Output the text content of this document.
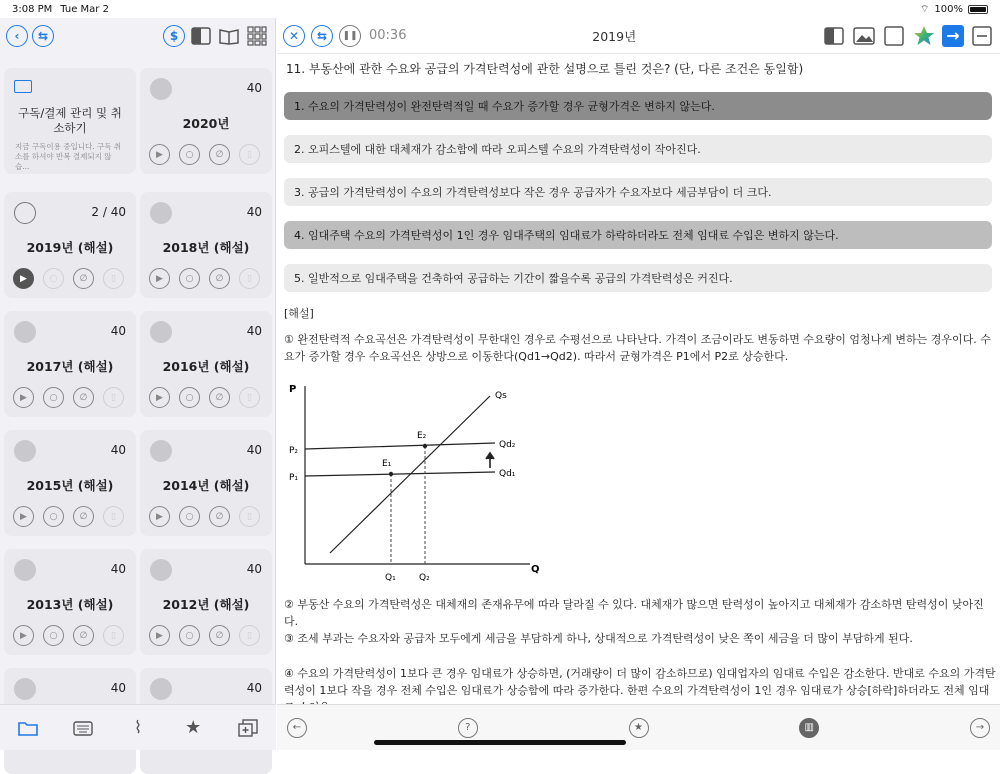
3:08 PM Tue Mar 2	⌔ 100%
‹	⇆	$
구독/결제 관리 및 취소하기
지금 구독이용 중입니다. 구독 취소를 하셔야 반복 결제되지 않습...
40
2020년
▶	○	∅	▯
2 / 40
2019년 (해설)
▶	○	∅	▯
40
2018년 (해설)
▶	○	∅	▯
40
2017년 (해설)
▶	○	∅	▯
40
2016년 (해설)
▶	○	∅	▯
40
2015년 (해설)
▶	○	∅	▯
40
2014년 (해설)
▶	○	∅	▯
40
2013년 (해설)
▶	○	∅	▯
40
2012년 (해설)
▶	○	∅	▯
40	40
⌇	★
✕	⇆	❚❚ 00:36	2019년	→
11. 부동산에 관한 수요와 공급의 가격탄력성에 관한 설명으로 틀린 것은? (단, 다른 조건은 동일함)
1. 수요의 가격탄력성이 완전탄력적일 때 수요가 증가할 경우 균형가격은 변하지 않는다.
2. 오피스텔에 대한 대체재가 감소함에 따라 오피스텔 수요의 가격탄력성이 작아진다.
3. 공급의 가격탄력성이 수요의 가격탄력성보다 작은 경우 공급자가 수요자보다 세금부담이 더 크다.
4. 임대주택 수요의 가격탄력성이 1인 경우 임대주택의 임대료가 하락하더라도 전체 임대료 수입은 변하지 않는다.
5. 일반적으로 임대주택을 건축하여 공급하는 기간이 짧을수록 공급의 가격탄력성은 커진다.
[해설]
① 완전탄력적 수요곡선은 가격탄력성이 무한대인 경우로 수평선으로 나타난다. 가격이 조금이라도 변동하면 수요량이 엄청나게 변하는 경우이다. 수요가 증가할 경우 수요곡선은 상방으로 이동한다(Qd1→Qd2). 따라서 균형가격은 P1에서 P2로 상승한다.
P
Q
Qs
Qd₂
Qd₁
P₂
P₁
E₁
E₂
Q₁	Q₂
② 부동산 수요의 가격탄력성은 대체재의 존재유무에 따라 달라질 수 있다. 대체재가 많으면 탄력성이 높아지고 대체재가 감소하면 탄력성이 낮아진다.
③ 조세 부과는 수요자와 공급자 모두에게 세금을 부담하게 하나, 상대적으로 가격탄력성이 낮은 쪽이 세금을 더 많이 부담하게 된다.
④ 수요의 가격탄력성이 1보다 큰 경우 임대료가 상승하면, (거래량이 더 많이 감소하므로) 임대업자의 임대료 수입은 감소한다. 반대로 수요의 가격탄력성이 1보다 작을 경우 전체 수입은 임대료가 상승함에 따라 증가한다. 한편 수요의 가격탄력성이 1인 경우 임대료가 상승[하락]하더라도 전체 임대
←	?	★	▥	→
